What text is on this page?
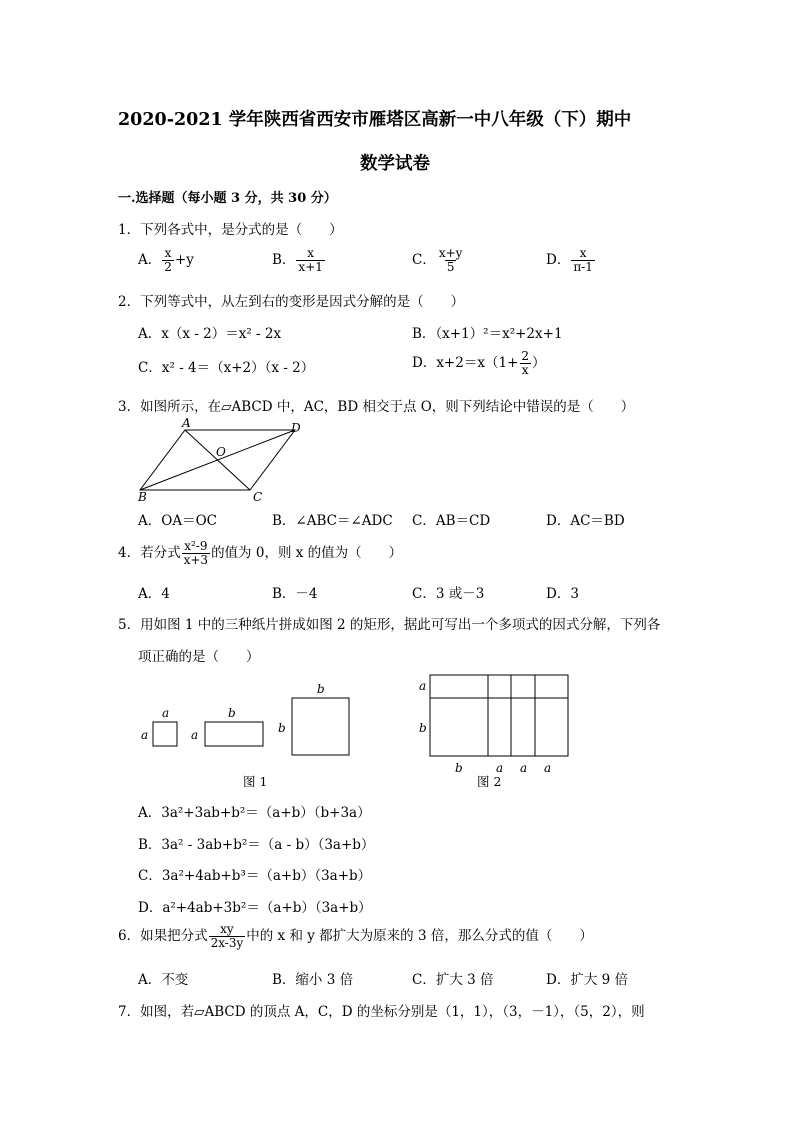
2020-2021 学年陕西省西安市雁塔区高新一中八年级（下）期中
数学试卷
一.选择题（每小题 3 分，共 30 分）
1．下列各式中，是分式的是（　　）
A． $\frac{x}{2} +y$	B． $\frac{x}{x+1}$	C． $\frac{x+y}{5}$	D． $\frac{x}{\pi-1}$
2．下列等式中，从左到右的变形是因式分解的是（　　）
A．x（x - 2）＝x² - 2x	B．（x+1）²＝x²+2x+1
C．x² - 4＝（x+2）（x - 2）	D．$x+2=x(1+ \frac{2}{x}$ ）
3．如图所示，在▱ABCD 中，AC，BD 相交于点 O，则下列结论中错误的是（　　）
A	D
B	C
O
A．OA＝OC	B．∠ABC＝∠ADC C．AB＝CD	D．AC＝BD
4．若分式 $\frac{\text{x²-9}}{x+3}$ 的值为 0，则 x 的值为（　　）
A．4	B．－4	C．3 或－3	D．3
5．用如图 1 中的三种纸片拼成如图 2 的矩形，据此可写出一个多项式的因式分解，下列各
项正确的是（　　）
a
a
b
a
b
b
图 1
a
b
b	a a a
图 2
A．3a²+3ab+b²＝（a+b）（b+3a）
B．3a² - 3ab+b²＝（a - b）（3a+b）
C．3a²+4ab+b³＝（a+b）（3a+b）
D．a²+4ab+3b²＝（a+b）（3a+b）
6．如果把分式 $\frac{xy}{2x-3y}$ 中的 x 和 y 都扩大为原来的 3 倍，那么分式的值（　　）
A．不变	B．缩小 3 倍	C．扩大 3 倍	D．扩大 9 倍
7．如图，若▱ABCD 的顶点 A，C，D 的坐标分别是（1，1），（3，－1），（5，2），则
